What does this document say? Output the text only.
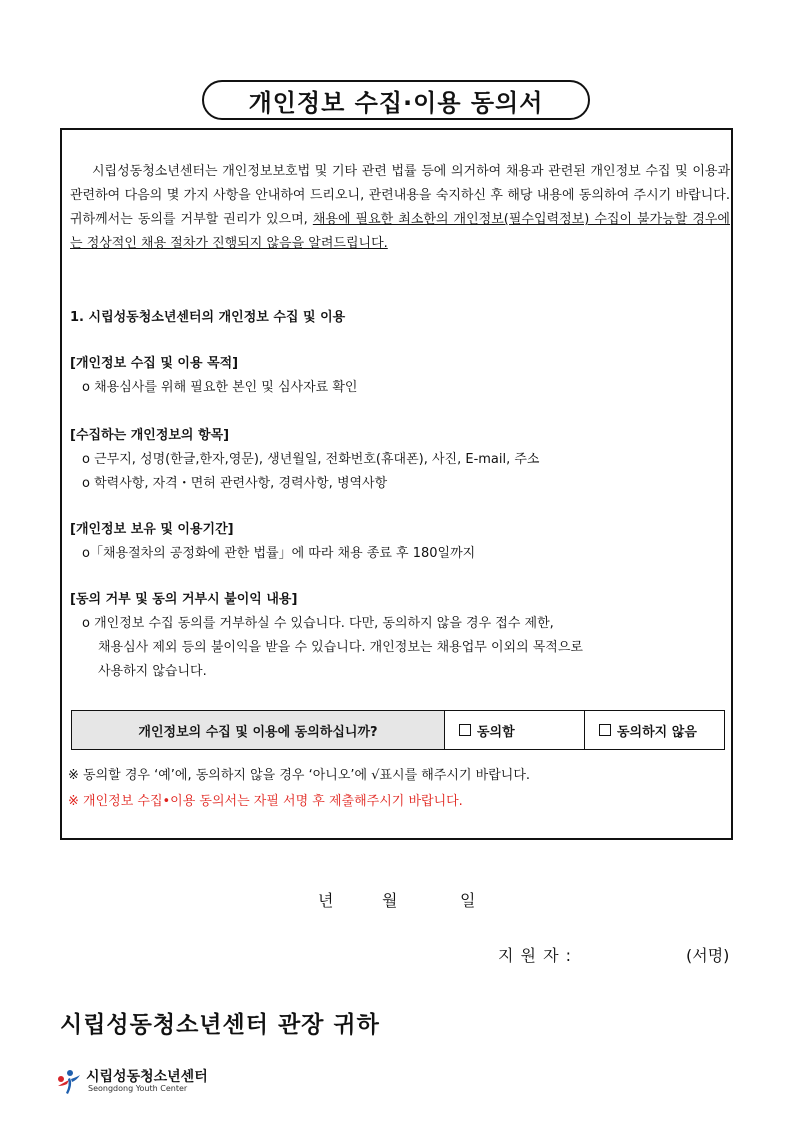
개인정보 수집·이용 동의서
시립성동청소년센터는 개인정보보호법 및 기타 관련 법률 등에 의거하여 채용과 관련된 개인정보 수집 및 이용과 관련하여 다음의 몇 가지 사항을 안내하여 드리오니, 관련내용을 숙지하신 후 해당 내용에 동의하여 주시기 바랍니다. 귀하께서는 동의를 거부할 권리가 있으며, 채용에 필요한 최소한의 개인정보(필수입력정보) 수집이 불가능할 경우에는 정상적인 채용 절차가 진행되지 않음을 알려드립니다.
1. 시립성동청소년센터의 개인정보 수집 및 이용
[개인정보 수집 및 이용 목적]
o 채용심사를 위해 필요한 본인 및 심사자료 확인
[수집하는 개인정보의 항목]
o 근무지, 성명(한글,한자,영문), 생년월일, 전화번호(휴대폰), 사진, E-mail, 주소
o 학력사항, 자격・면허 관련사항, 경력사항, 병역사항
[개인정보 보유 및 이용기간]
o「채용절차의 공정화에 관한 법률」에 따라 채용 종료 후 180일까지
[동의 거부 및 동의 거부시 불이익 내용]
o 개인정보 수집 동의를 거부하실 수 있습니다. 다만, 동의하지 않을 경우 접수 제한,
채용심사 제외 등의 불이익을 받을 수 있습니다. 개인정보는 채용업무 이외의 목적으로
사용하지 않습니다.
개인정보의 수집 및 이용에 동의하십니까?	동의함	동의하지 않음
※ 동의할 경우 ‘예’에, 동의하지 않을 경우 ‘아니오’에 √표시를 해주시기 바랍니다.
※ 개인정보 수집•이용 동의서는 자필 서명 후 제출해주시기 바랍니다.
년	월	일
지 원 자 :	(서명)
시립성동청소년센터 관장 귀하
시립성동청소년센터
Seongdong Youth Center
